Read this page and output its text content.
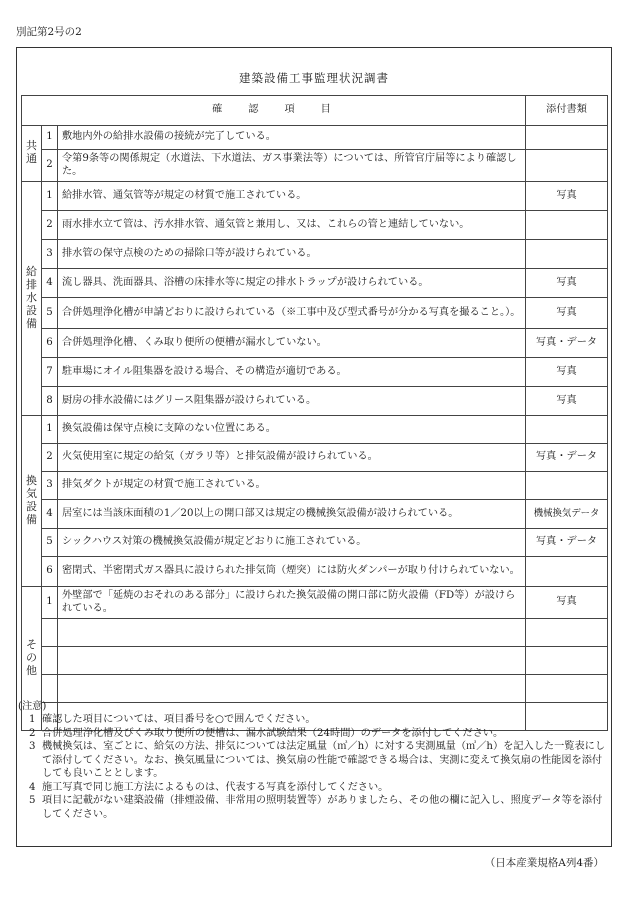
別記第2号の2
建築設備工事監理状況調書
確認項目			添付書類
共通	1	敷地内外の給排水設備の接続が完了している。	
	2	令第9条等の関係規定（水道法、下水道法、ガス事業法等）については、所管官庁届等により確認した。	
給排水設備	1	給排水管、通気管等が規定の材質で施工されている。	写真
	2	雨水排水立て管は、汚水排水管、通気管と兼用し、又は、これらの管と連結していない。	
	3	排水管の保守点検のための掃除口等が設けられている。	
	4	流し器具、洗面器具、浴槽の床排水等に規定の排水トラップが設けられている。	写真
	5	合併処理浄化槽が申請どおりに設けられている（※工事中及び型式番号が分かる写真を撮ること。）。	写真
	6	合併処理浄化槽、くみ取り便所の便槽が漏水していない。	写真・データ
	7	駐車場にオイル阻集器を設ける場合、その構造が適切である。	写真
	8	厨房の排水設備にはグリース阻集器が設けられている。	写真
換気設備	1	換気設備は保守点検に支障のない位置にある。	
	2	火気使用室に規定の給気（ガラリ等）と排気設備が設けられている。	写真・データ
	3	排気ダクトが規定の材質で施工されている。	
	4	居室には当該床面積の1／20以上の開口部又は規定の機械換気設備が設けられている。	機械換気データ
	5	シックハウス対策の機械換気設備が規定どおりに施工されている。	写真・データ
	6	密閉式、半密閉式ガス器具に設けられた排気筒（煙突）には防火ダンパーが取り付けられていない。	
その他	1	外壁部で「延焼のおそれのある部分」に設けられた換気設備の開口部に防火設備（FD等）が設けられている。	写真

(注意)
1 確認した項目については、項目番号を○で囲んでください。
2 合併処理浄化槽及びくみ取り便所の便槽は、漏水試験結果（24時間）のデータを添付してください。
3 機械換気は、室ごとに、給気の方法、排気については法定風量（㎥／h）に対する実測風量（㎥／h）を記入した一覧表にして添付してください。なお、換気風量については、換気扇の性能で確認できる場合は、実測に変えて換気扇の性能図を添付しても良いこととします。
4 施工写真で同じ施工方法によるものは、代表する写真を添付してください。
5 項目に記載がない建築設備（排煙設備、非常用の照明装置等）がありましたら、その他の欄に記入し、照度データ等を添付してください。
（日本産業規格A列4番）
